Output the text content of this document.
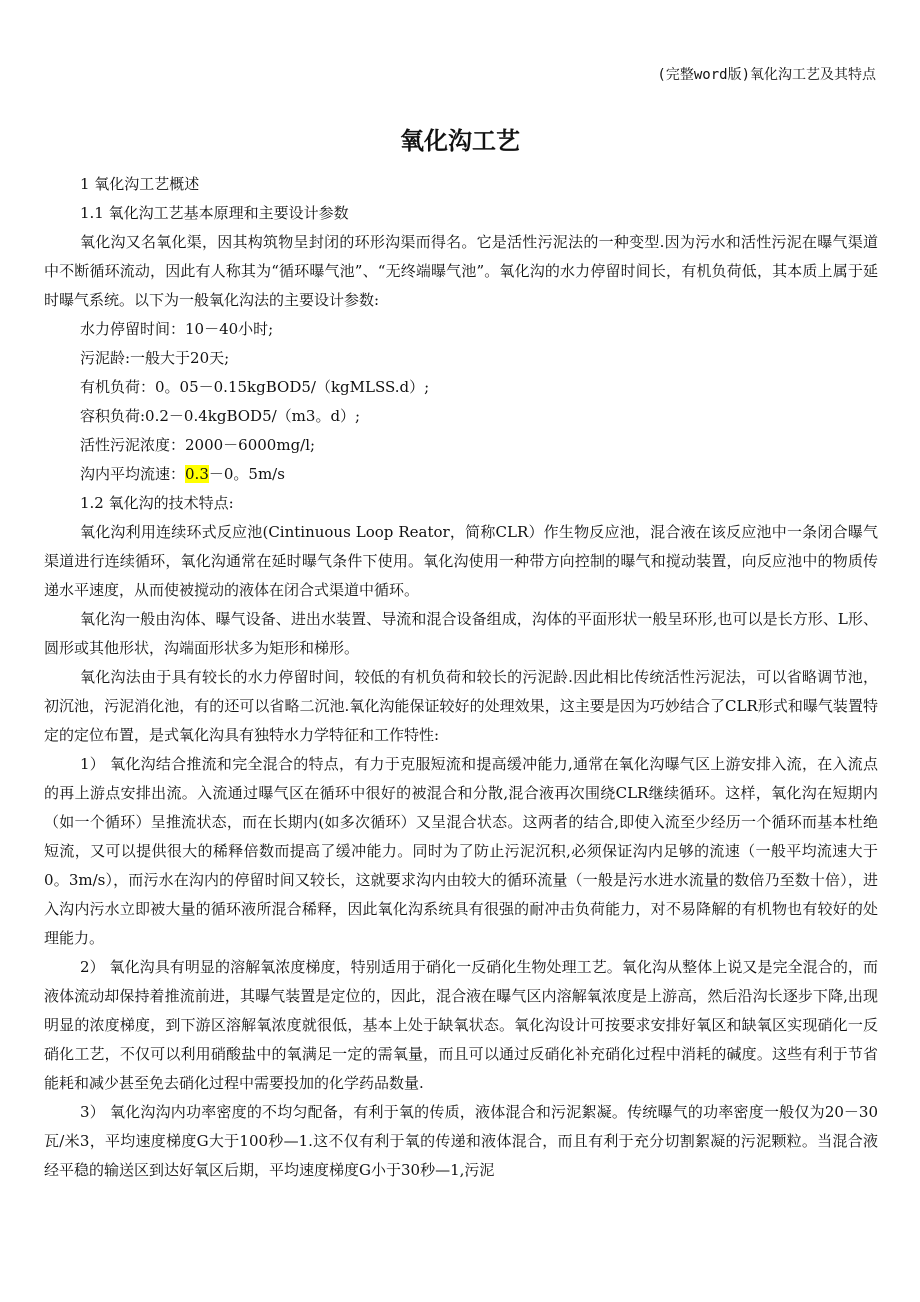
(完整word版)氧化沟工艺及其特点
氧化沟工艺

1 氧化沟工艺概述

1.1 氧化沟工艺基本原理和主要设计参数

氧化沟又名氧化渠，因其构筑物呈封闭的环形沟渠而得名。它是活性污泥法的一种变型.因为污水和活性污泥在曝气渠道中不断循环流动，因此有人称其为“循环曝气池”、“无终端曝气池”。氧化沟的水力停留时间长，有机负荷低，其本质上属于延时曝气系统。以下为一般氧化沟法的主要设计参数:

水力停留时间：10－40小时;

污泥龄:一般大于20天;

有机负荷：0。05－0.15kgBOD5/（kgMLSS.d）;

容积负荷:0.2－0.4kgBOD5/（m3。d）;

活性污泥浓度：2000－6000mg/l;

沟内平均流速：0.3－0。5m/s

1.2 氧化沟的技术特点:

氧化沟利用连续环式反应池(Cintinuous Loop Reator，简称CLR）作生物反应池，混合液在该反应池中一条闭合曝气渠道进行连续循环，氧化沟通常在延时曝气条件下使用。氧化沟使用一种带方向控制的曝气和搅动装置，向反应池中的物质传递水平速度，从而使被搅动的液体在闭合式渠道中循环。

氧化沟一般由沟体、曝气设备、进出水装置、导流和混合设备组成，沟体的平面形状一般呈环形,也可以是长方形、L形、圆形或其他形状，沟端面形状多为矩形和梯形。

氧化沟法由于具有较长的水力停留时间，较低的有机负荷和较长的污泥龄.因此相比传统活性污泥法，可以省略调节池，初沉池，污泥消化池，有的还可以省略二沉池.氧化沟能保证较好的处理效果，这主要是因为巧妙结合了CLR形式和曝气装置特定的定位布置，是式氧化沟具有独特水力学特征和工作特性:

1） 氧化沟结合推流和完全混合的特点，有力于克服短流和提高缓冲能力,通常在氧化沟曝气区上游安排入流，在入流点的再上游点安排出流。入流通过曝气区在循环中很好的被混合和分散,混合液再次围绕CLR继续循环。这样，氧化沟在短期内（如一个循环）呈推流状态，而在长期内(如多次循环）又呈混合状态。这两者的结合,即使入流至少经历一个循环而基本杜绝短流，又可以提供很大的稀释倍数而提高了缓冲能力。同时为了防止污泥沉积,必须保证沟内足够的流速（一般平均流速大于0。3m/s），而污水在沟内的停留时间又较长，这就要求沟内由较大的循环流量（一般是污水进水流量的数倍乃至数十倍），进入沟内污水立即被大量的循环液所混合稀释，因此氧化沟系统具有很强的耐冲击负荷能力，对不易降解的有机物也有较好的处理能力。

2） 氧化沟具有明显的溶解氧浓度梯度，特别适用于硝化一反硝化生物处理工艺。氧化沟从整体上说又是完全混合的，而液体流动却保持着推流前进，其曝气装置是定位的，因此，混合液在曝气区内溶解氧浓度是上游高，然后沿沟长逐步下降,出现明显的浓度梯度，到下游区溶解氧浓度就很低，基本上处于缺氧状态。氧化沟设计可按要求安排好氧区和缺氧区实现硝化一反硝化工艺，不仅可以利用硝酸盐中的氧满足一定的需氧量，而且可以通过反硝化补充硝化过程中消耗的碱度。这些有利于节省能耗和减少甚至免去硝化过程中需要投加的化学药品数量.

3） 氧化沟沟内功率密度的不均匀配备，有利于氧的传质，液体混合和污泥絮凝。传统曝气的功率密度一般仅为20－30瓦/米3，平均速度梯度G大于100秒—1.这不仅有利于氧的传递和液体混合，而且有利于充分切割絮凝的污泥颗粒。当混合液经平稳的输送区到达好氧区后期，平均速度梯度G小于30秒—1,污泥
